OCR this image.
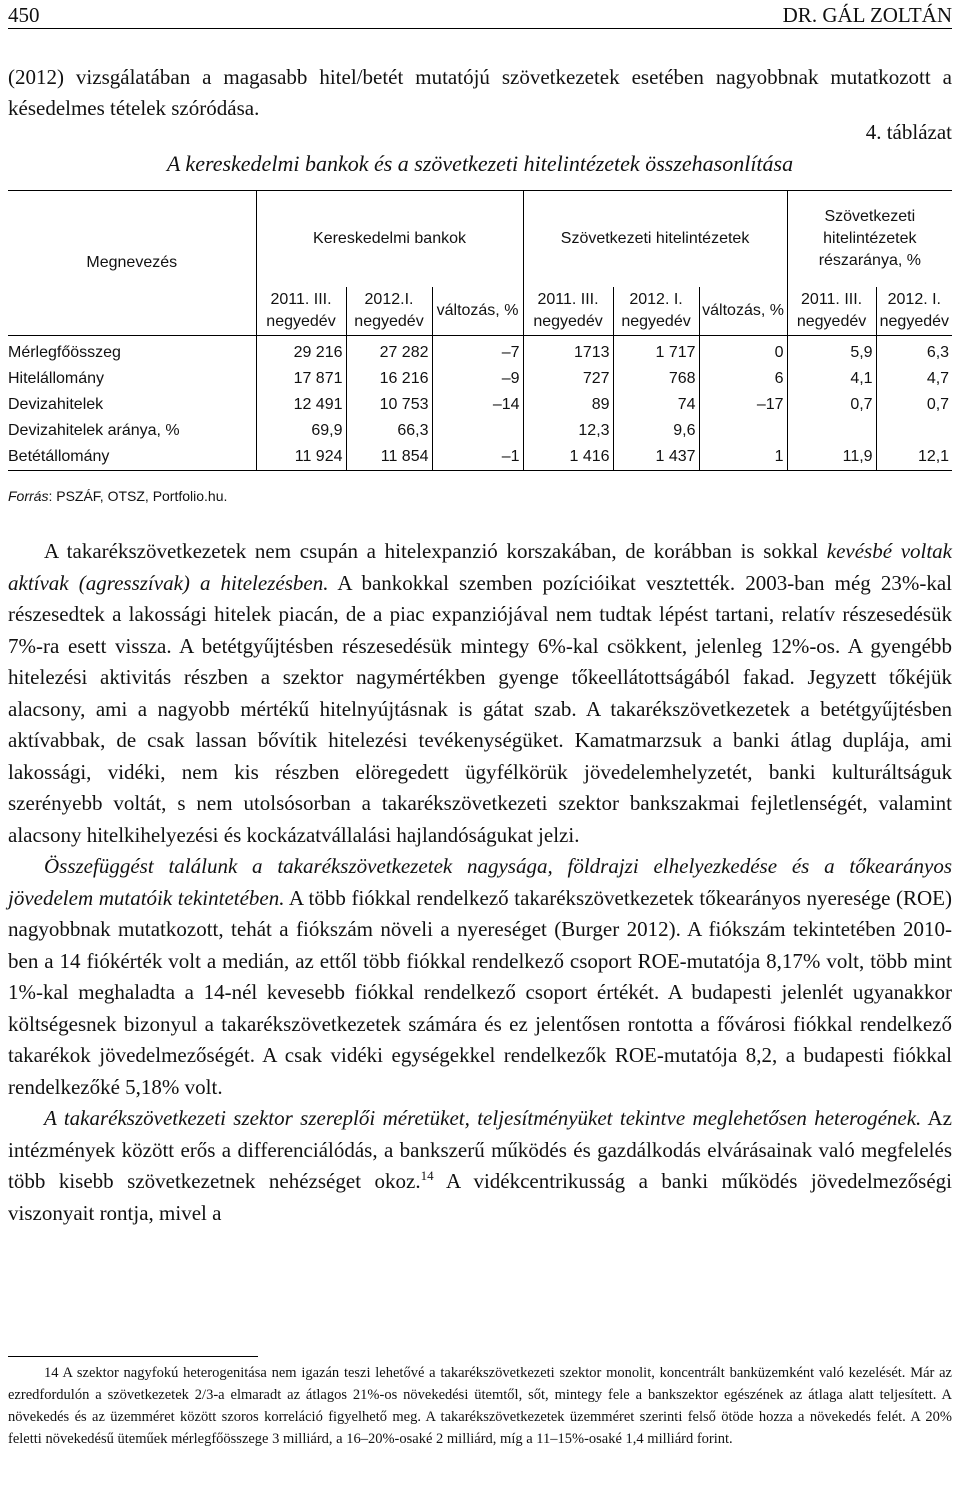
450	DR. GÁL ZOLTÁN

(2012) vizsgálatában a magasabb hitel/betét mutatójú szövetkezetek esetében nagyobbnak mutatkozott a késedelmes tételek szóródása.

4. táblázat
A kereskedelmi bankok és a szövetkezeti hitelintézetek összehasonlítása
Megnevezés	Kereskedelmi bankok			Szövetkezeti hitelintézetek			Szövetkezeti hitelintézetek részaránya, %	
	2011. III. negyedév	2012.I. negyedév	változás, %	2011. III. negyedév	2012. I. negyedév	változás, %	2011. III. negyedév	2012. I. negyedév
Mérlegfőösszeg	29 216	27 282	–7	1713	1 717	0	5,9	6,3
Hitelállomány	17 871	16 216	–9	727	768	6	4,1	4,7
Devizahitelek	12 491	10 753	–14	89	74	–17	0,7	0,7
Devizahitelek aránya, %	69,9	66,3		12,3	9,6			
Betétállomány	11 924	11 854	–1	1 416	1 437	1	11,9	12,1
Forrás: PSZÁF, OTSZ, Portfolio.hu.

A takarékszövetkezetek nem csupán a hitelexpanzió korszakában, de korábban is sokkal kevésbé voltak aktívak (agresszívak) a hitelezésben. A bankokkal szemben pozícióikat vesztették. 2003-ban még 23%-kal részesedtek a lakossági hitelek piacán, de a piac expanziójával nem tudtak lépést tartani, relatív részesedésük 7%-ra esett vissza. A betétgyűjtésben részesedésük mintegy 6%-kal csökkent, jelenleg 12%-os. A gyengébb hitelezési aktivitás részben a szektor nagymértékben gyenge tőkeellátottságából fakad. Jegyzett tőkéjük alacsony, ami a nagyobb mértékű hitelnyújtásnak is gátat szab. A takarékszövetkezetek a betétgyűjtésben aktívabbak, de csak lassan bővítik hitelezési tevékenységüket. Kamatmarzsuk a banki átlag duplája, ami lakossági, vidéki, nem kis részben elöregedett ügyfélkörük jövedelemhelyzetét, banki kulturáltságuk szerényebb voltát, s nem utolsósorban a takarékszövetkezeti szektor bankszakmai fejletlenségét, valamint alacsony hitelkihelyezési és kockázatvállalási hajlandóságukat jelzi.

Összefüggést találunk a takarékszövetkezetek nagysága, földrajzi elhelyezkedése és a tőkearányos jövedelem mutatóik tekintetében. A több fiókkal rendelkező takarékszövetkezetek tőkearányos nyeresége (ROE) nagyobbnak mutatkozott, tehát a fiókszám növeli a nyereséget (Burger 2012). A fiókszám tekintetében 2010-ben a 14 fiókérték volt a medián, az ettől több fiókkal rendelkező csoport ROE-mutatója 8,17% volt, több mint 1%-kal meghaladta a 14-nél kevesebb fiókkal rendelkező csoport értékét. A budapesti jelenlét ugyanakkor költségesnek bizonyul a takarékszövetkezetek számára és ez jelentősen rontotta a fővárosi fiókkal rendelkező takarékok jövedelmezőségét. A csak vidéki egységekkel rendelkezők ROE-mutatója 8,2, a budapesti fiókkal rendelkezőké 5,18% volt.

A takarékszövetkezeti szektor szereplői méretüket, teljesítményüket tekintve meglehetősen heterogének. Az intézmények között erős a differenciálódás, a bankszerű működés és gazdálkodás elvárásainak való megfelelés több kisebb szövetkezetnek nehézséget okoz.$^{14}$ A vidékcentrikusság a banki működés jövedelmezőségi viszonyait rontja, mivel a

14 A szektor nagyfokú heterogenitása nem igazán teszi lehetővé a takarékszövetkezeti szektor monolit, koncentrált banküzemként való kezelését. Már az ezredfordulón a szövetkezetek 2/3-a elmaradt az átlagos 21%-os növekedési ütemtől, sőt, mintegy fele a bankszektor egészének az átlaga alatt teljesített. A növekedés és az üzemméret között szoros korreláció figyelhető meg. A takarékszövetkezetek üzemméret szerinti felső ötöde hozza a növekedés felét. A 20% feletti növekedésű üteműek mérlegfőösszege 3 milliárd, a 16–20%-osaké 2 milliárd, míg a 11–15%-osaké 1,4 milliárd forint.
